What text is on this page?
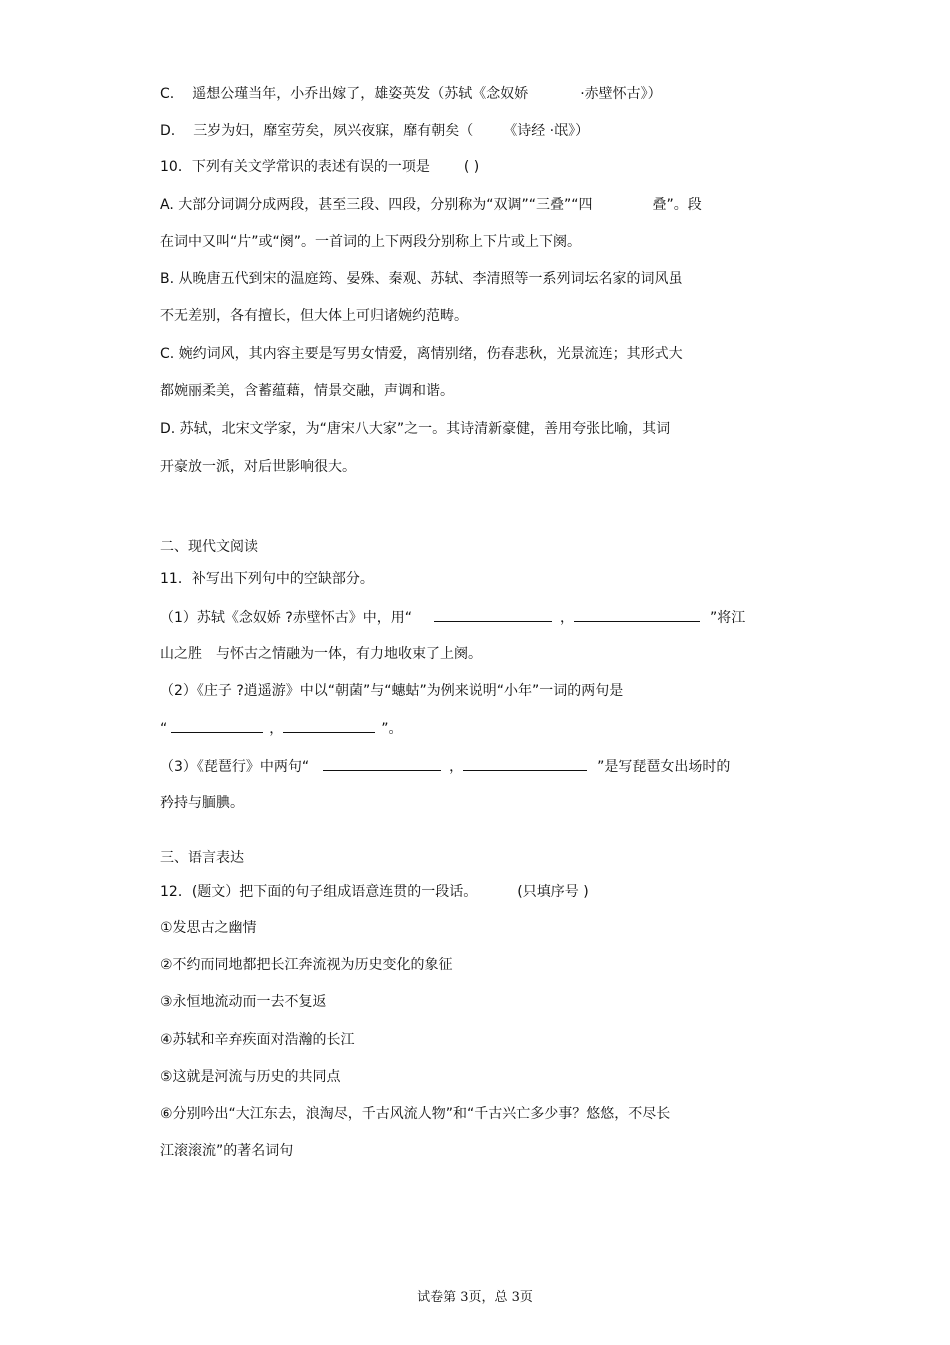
C. 遥想公瑾当年，小乔出嫁了，雄姿英发（苏轼《念奴娇	·赤壁怀古》）
D. 三岁为妇，靡室劳矣，夙兴夜寐，靡有朝矣（ 《诗经 ·氓》）
10．下列有关文学常识的表述有误的一项是 ( )
A. 大部分词调分成两段，甚至三段、四段，分别称为“双调”“三叠”“四	叠”。段
在词中又叫“片”或“阕”。一首词的上下两段分别称上下片或上下阕。
B. 从晚唐五代到宋的温庭筠、晏殊、秦观、苏轼、李清照等一系列词坛名家的词风虽
不无差别，各有擅长，但大体上可归诸婉约范畴。
C. 婉约词风，其内容主要是写男女情爱，离情别绪，伤春悲秋，光景流连；其形式大
都婉丽柔美，含蓄蕴藉，情景交融，声调和谐。
D. 苏轼，北宋文学家，为“唐宋八大家”之一。其诗清新豪健，善用夸张比喻，其词
开豪放一派，对后世影响很大。
二、现代文阅读
11．补写出下列句中的空缺部分。
（1）苏轼《念奴娇 ?赤壁怀古》中，用“	，	”将江
山之胜　与怀古之情融为一体，有力地收束了上阕。
（2）《庄子 ?逍遥游》中以“朝菌”与“蟪蛄”为例来说明“小年”一词的两句是
“	，	”。
（3）《琵琶行》中两句“	，	”是写琵琶女出场时的
矜持与腼腆。
三、语言表达
12．(题文）把下面的句子组成语意连贯的一段话。	(只填序号 )
①发思古之幽情
②不约而同地都把长江奔流视为历史变化的象征
③永恒地流动而一去不复返
④苏轼和辛弃疾面对浩瀚的长江
⑤这就是河流与历史的共同点
⑥分别吟出“大江东去，浪淘尽，千古风流人物”和“千古兴亡多少事？悠悠，不尽长
江滚滚流”的著名词句
试卷第 3页，总 3页
